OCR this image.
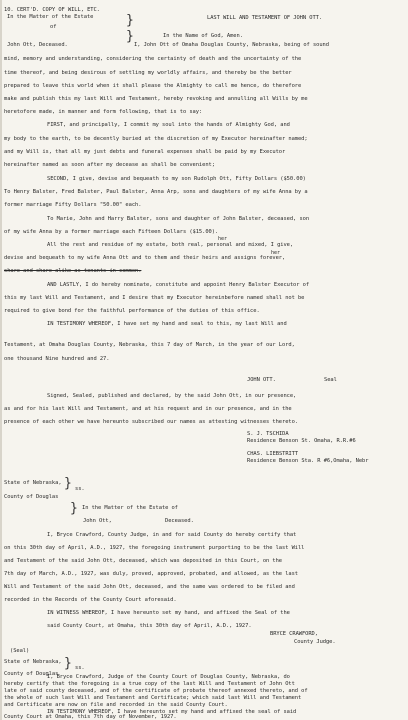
10. CERT'D. COPY OF WILL, ETC.
In the Matter of the Estate
of
John Ott, Deceased.
}
}
LAST WILL AND TESTAMENT OF JOHN OTT.
In the Name of God, Amen.
I, John Ott of Omaha Douglas County, Nebraska, being of sound
mind, memory and understanding, considering the certainty of death and the uncertainty of the
time thereof, and being desirous of settling my worldly affairs, and thereby be the better
prepared to leave this world when it shall please the Almighty to call me hence, do therefore
make and publish this my last Will and Testament, hereby revoking and annulling all Wills by me
heretofore made, in manner and form following, that is to say:
FIRST, and principally, I commit my soul into the hands of Almighty God, and
my body to the earth, to be decently buried at the discretion of my Executor hereinafter named;
and my Will is, that all my just debts and funeral expenses shall be paid by my Executor
hereinafter named as soon after my decease as shall be convenient;
SECOND, I give, devise and bequeath to my son Rudolph Ott, Fifty Dollars ($50.00)
To Henry Balster, Fred Balster, Paul Balster, Anna Arp, sons and daughters of my wife Anna by a
former marriage Fifty Dollars "50.00" each.
To Marie, John and Harry Balster, sons and daughter of John Balster, deceased, son
of my wife Anna by a former marriage each Fifteen Dollars ($15.00).
her
All the rest and residue of my estate, both real, personal and mixed, I give,
her
devise and bequeath to my wife Anna Ott and to them and their heirs and assigns forever,
share and share alike as tenants in common.
AND LASTLY, I do hereby nominate, constitute and appoint Henry Balster Executor of
this my last Will and Testament, and I desire that my Executor hereinbefore named shall not be
required to give bond for the faithful performance of the duties of this office.
IN TESTIMONY WHEREOF, I have set my hand and seal to this, my last Will and
Testament, at Omaha Douglas County, Nebraska, this 7 day of March, in the year of our Lord,
one thousand Nine hundred and 27.
JOHN OTT.	Seal
Signed, Sealed, published and declared, by the said John Ott, in our presence,
as and for his last Will and Testament, and at his request and in our presence, and in the
presence of each other we have hereunto subscribed our names as attesting witnesses thereto.
S. J. TSCHIDA
Residence Benson St. Omaha, R.R.#6
CHAS. LIEBSTRITT
Residence Benson Sta. R #6,Omaha, Nebr
State of Nebraska, } ss.
County of Douglas
In the Matter of the Estate of
}
John Ott,	Deceased.
I, Bryce Crawford, County Judge, in and for said County do hereby certify that
on this 30th day of April, A.D., 1927, the foregoing instrument purporting to be the last Will
and Testament of the said John Ott, deceased, which was deposited in this Court, on the
7th day of March, A.D., 1927, was duly, proved, approved, probated, and allowed, as the last
Will and Testament of the said John Ott, deceased, and the same was ordered to be filed and
recorded in the Records of the County Court aforesaid.
IN WITNESS WHEREOF, I have hereunto set my hand, and affixed the Seal of the
said County Court, at Omaha, this 30th day of April, A.D., 1927.
BRYCE CRAWFORD,
County Judge.
(Seal)
State of Nebraska, } ss.
County of Douglas
I, Bryce Crawford, Judge of the County Court of Douglas County, Nebraska, do
hereby certify that the foregoing is a true copy of the last Will and Testament of John Ott
late of said county deceased, and of the certificate of probate thereof annexed thereto, and of
the whole of such last Will and Testament and Certificate; which said last Will and Testament
and Certificate are now on file and recorded in the said County Court.
IN TESTIMONY WHEREOF, I have hereunto set my hand and affixed the seal of said
County Court at Omaha, this 7th day of November, 1927.
